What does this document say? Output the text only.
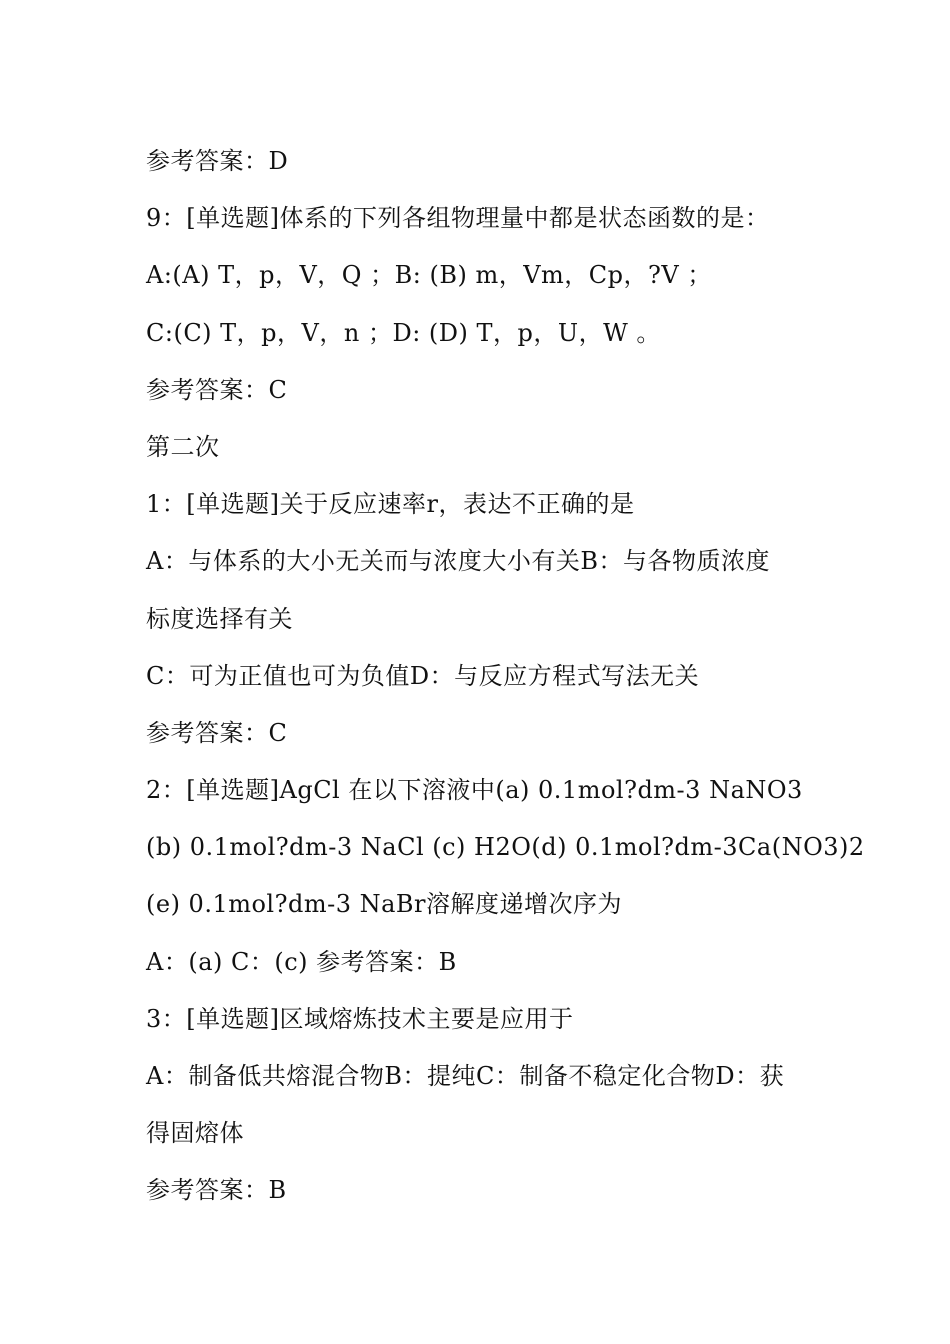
参考答案：D
9：[单选题]体系的下列各组物理量中都是状态函数的是：
A:(A) T，p，V，Q ；B: (B) m，Vm，Cp，?V ；
C:(C) T，p，V，n ；D: (D) T，p，U，W 。
参考答案：C
第二次
1：[单选题]关于反应速率r，表达不正确的是
A：与体系的大小无关而与浓度大小有关B：与各物质浓度
标度选择有关
C：可为正值也可为负值D：与反应方程式写法无关
参考答案：C
2：[单选题]AgCl 在以下溶液中(a) 0.1mol?dm-3 NaNO3
(b) 0.1mol?dm-3 NaCl (c) H2O(d) 0.1mol?dm-3Ca(NO3)2
(e) 0.1mol?dm-3 NaBr溶解度递增次序为
A：(a) C：(c) 参考答案：B
3：[单选题]区域熔炼技术主要是应用于
A：制备低共熔混合物B：提纯C：制备不稳定化合物D：获
得固熔体
参考答案：B
